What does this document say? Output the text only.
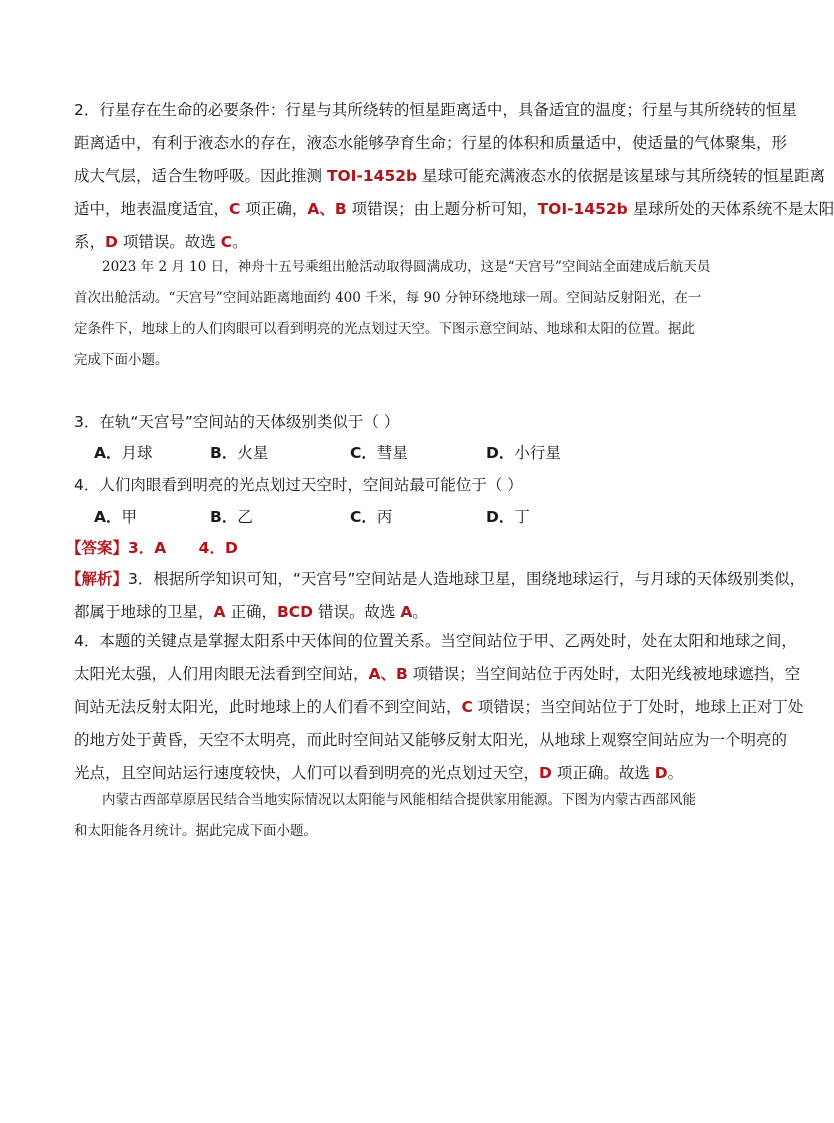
2．行星存在生命的必要条件：行星与其所绕转的恒星距离适中，具备适宜的温度；行星与其所绕转的恒星
距离适中，有利于液态水的存在，液态水能够孕育生命；行星的体积和质量适中，使适量的气体聚集，形
成大气层，适合生物呼吸。因此推测 TOI-1452b 星球可能充满液态水的依据是该星球与其所绕转的恒星距离
适中，地表温度适宜，C 项正确，A、B 项错误；由上题分析可知，TOI-1452b 星球所处的天体系统不是太阳
系，D 项错误。故选 C。
2023 年 2 月 10 日，神舟十五号乘组出舱活动取得圆满成功，这是“天宫号”空间站全面建成后航天员
首次出舱活动。“天宫号”空间站距离地面约 400 千米，每 90 分钟环绕地球一周。空间站反射阳光，在一
定条件下，地球上的人们肉眼可以看到明亮的光点划过天空。下图示意空间站、地球和太阳的位置。据此
完成下面小题。
3．在轨“天宫号”空间站的天体级别类似于（ ）
A．月球	B．火星	C．彗星	D．小行星
4．人们肉眼看到明亮的光点划过天空时，空间站最可能位于（ ）
A．甲	B．乙	C．丙	D．丁
【答案】3．A      4．D
【解析】3．根据所学知识可知，“天宫号”空间站是人造地球卫星，围绕地球运行，与月球的天体级别类似，
都属于地球的卫星，A 正确，BCD 错误。故选 A。
4．本题的关键点是掌握太阳系中天体间的位置关系。当空间站位于甲、乙两处时，处在太阳和地球之间，
太阳光太强，人们用肉眼无法看到空间站，A、B 项错误；当空间站位于丙处时，太阳光线被地球遮挡，空
间站无法反射太阳光，此时地球上的人们看不到空间站，C 项错误；当空间站位于丁处时，地球上正对丁处
的地方处于黄昏，天空不太明亮，而此时空间站又能够反射太阳光，从地球上观察空间站应为一个明亮的
光点，且空间站运行速度较快，人们可以看到明亮的光点划过天空，D 项正确。故选 D。
内蒙古西部草原居民结合当地实际情况以太阳能与风能相结合提供家用能源。下图为内蒙古西部风能
和太阳能各月统计。据此完成下面小题。
